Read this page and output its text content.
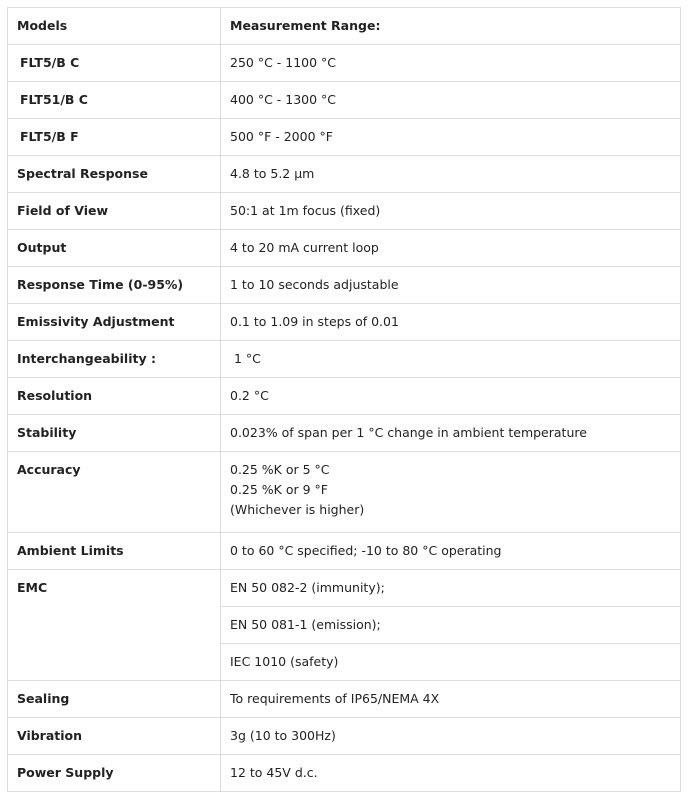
Models	Measurement Range:
FLT5/B C	250 °C - 1100 °C
FLT51/B C	400 °C - 1300 °C
FLT5/B F	500 °F - 2000 °F
Spectral Response	4.8 to 5.2 µm
Field of View	50:1 at 1m focus (fixed)
Output	4 to 20 mA current loop
Response Time (0-95%)	1 to 10 seconds adjustable
Emissivity Adjustment	0.1 to 1.09 in steps of 0.01
Interchangeability :	1 °C
Resolution	0.2 °C
Stability	0.023% of span per 1 °C change in ambient temperature
Accuracy	0.25 %K or 5 °C
0.25 %K or 9 °F
(Whichever is higher)

Ambient Limits	0 to 60 °C specified; -10 to 80 °C operating
EMC	EN 50 082-2 (immunity);
	EN 50 081-1 (emission);
	IEC 1010 (safety)
Sealing	To requirements of IP65/NEMA 4X
Vibration	3g (10 to 300Hz)
Power Supply	12 to 45V d.c.
